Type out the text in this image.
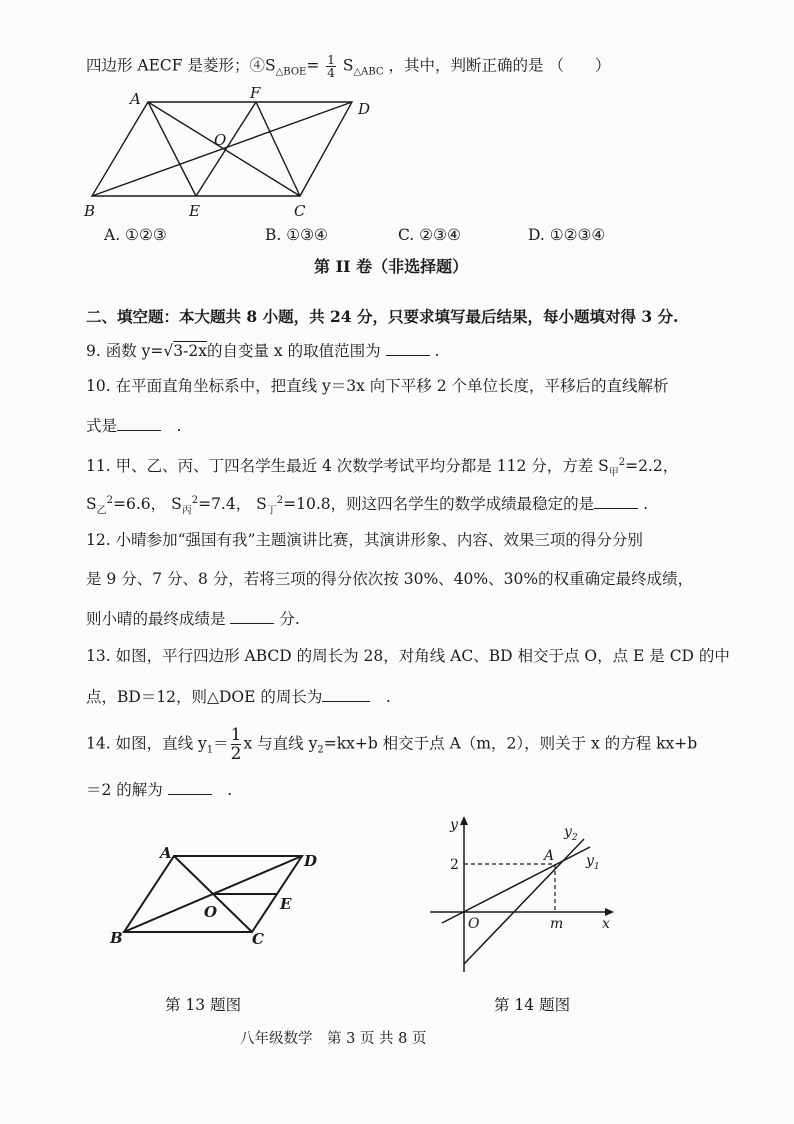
四边形 AECF 是菱形；$④S_{\triangle BOE}= \frac{1}{4} S_{\triangle ABC}$ ，其中，判断正确的是 （　　）
A	F
D
O
B	E	C
A. ①②③	B. ①③④	C. ②③④	D. ①②③④
第 II 卷（非选择题）
二、填空题：本大题共 8 小题，共 24 分，只要求填写最后结果，每小题填对得 3 分.
9. 函数 y=√3-2x的自变量 x 的取值范围为	.
10. 在平面直角坐标系中，把直线 y＝3x 向下平移 2 个单位长度，平移后的直线解析
式是　	.
11. 甲、乙、丙、丁四名学生最近 4 次数学考试平均分都是 112 分，方差 $S_甲^2=2.2$，
$S_乙^2=6.6$， $S_丙^2=7.4$， $S_丁^2=10.8$，则这四名学生的数学成绩最稳定的是	.
12. 小晴参加“强国有我”主题演讲比赛，其演讲形象、内容、效果三项的得分分别
是 9 分、7 分、8 分，若将三项的得分依次按 30%、40%、30%的权重确定最终成绩，
则小晴的最终成绩是	分.
13. 如图，平行四边形 ABCD 的周长为 28，对角线 AC、BD 相交于点 O，点 E 是 CD 的中
点，BD＝12，则△DOE 的周长为　	.
14. 如图，直线 $y_1= \frac{1}{2}$ x 与直线 $y_2=kx+b$ 相交于点 A（m，2），则关于 x 的方程 kx+b
＝2 的解为 　	.
A	D
O	E
B	C
y	$y_2$
$y_1$
2
A
O	m	x
第 13 题图	第 14 题图
八年级数学　第 3 页 共 8 页
